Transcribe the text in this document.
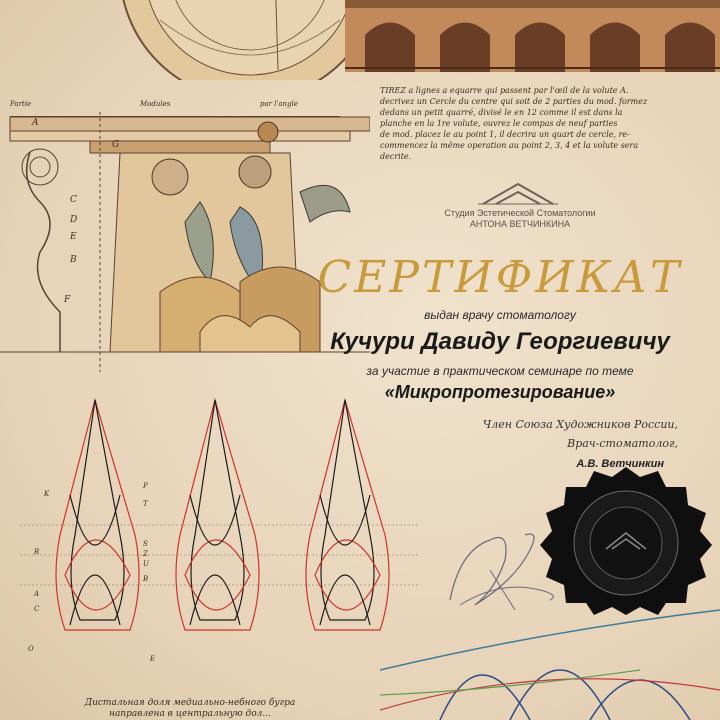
TIREZ a lignes a equarre qui passent par l'œil de la volute A.
decrivez un Cercle du centre qui soit de 2 parties du mod. formez
dedans un petit quarré, divisé le en 12 comme il est dans la
planche en la 1re volute, ouvrez le compas de neuf parties
de mod. placez le au point 1, il decrira un quart de cercle, re-
commencez la même operation au point 2, 3, 4 et la volute sera
decrite.
Partie	Modules	par l'angle
A
G
C
D
E
B
F
Студия Эстетической Стоматологии
АНТОНА ВЕТЧИНКИНА
СЕРТИФИКАТ
выдан врачу стоматологу
Кучури Давиду Георгиевичу
за участие в практическом семинаре по теме
«Микропротезирование»
Член Союза Художников России,
Врач-стоматолог,
А.В. Ветчинкин
K
P
T
Z
U
R
S
B
A
C
E
O
Дистальная доля медиально-небного бугра
направлена в центральную дол...
